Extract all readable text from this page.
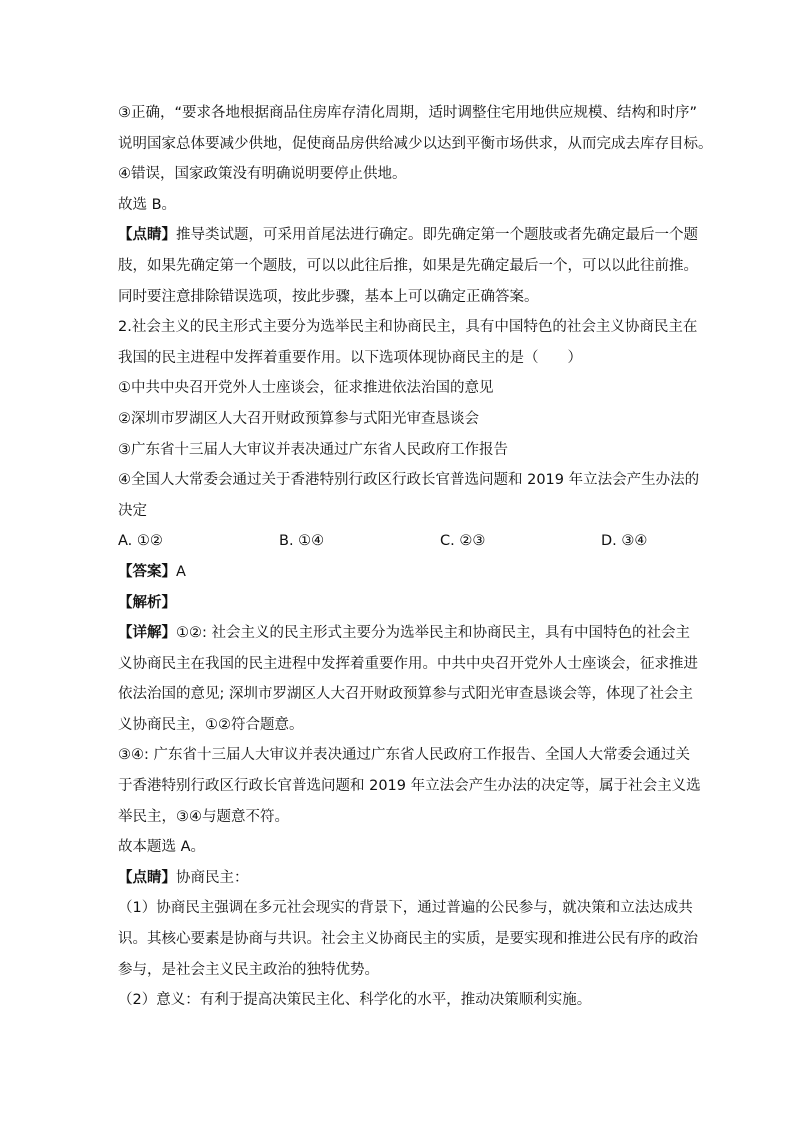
③正确，“要求各地根据商品住房库存清化周期，适时调整住宅用地供应规模、结构和时序”
说明国家总体要减少供地，促使商品房供给减少以达到平衡市场供求，从而完成去库存目标。
④错误，国家政策没有明确说明要停止供地。
故选 B。
【点睛】推导类试题，可采用首尾法进行确定。即先确定第一个题肢或者先确定最后一个题
肢，如果先确定第一个题肢，可以以此往后推，如果是先确定最后一个，可以以此往前推。
同时要注意排除错误选项，按此步骤，基本上可以确定正确答案。
2.社会主义的民主形式主要分为选举民主和协商民主，具有中国特色的社会主义协商民主在
我国的民主进程中发挥着重要作用。以下选项体现协商民主的是（　　）
①中共中央召开党外人士座谈会，征求推进依法治国的意见
②深圳市罗湖区人大召开财政预算参与式阳光审查恳谈会
③广东省十三届人大审议并表决通过广东省人民政府工作报告
④全国人大常委会通过关于香港特别行政区行政长官普选问题和 2019 年立法会产生办法的
决定
A. ①②	B. ①④	C. ②③	D. ③④
【答案】A
【解析】
【详解】①②: 社会主义的民主形式主要分为选举民主和协商民主，具有中国特色的社会主
义协商民主在我国的民主进程中发挥着重要作用。中共中央召开党外人士座谈会，征求推进
依法治国的意见; 深圳市罗湖区人大召开财政预算参与式阳光审查恳谈会等，体现了社会主
义协商民主，①②符合题意。
③④: 广东省十三届人大审议并表决通过广东省人民政府工作报告、全国人大常委会通过关
于香港特别行政区行政长官普选问题和 2019 年立法会产生办法的决定等，属于社会主义选
举民主，③④与题意不符。
故本题选 A。
【点睛】协商民主：
（1）协商民主强调在多元社会现实的背景下，通过普遍的公民参与，就决策和立法达成共
识。其核心要素是协商与共识。社会主义协商民主的实质，是要实现和推进公民有序的政治
参与，是社会主义民主政治的独特优势。
（2）意义：有利于提高决策民主化、科学化的水平，推动决策顺利实施。
